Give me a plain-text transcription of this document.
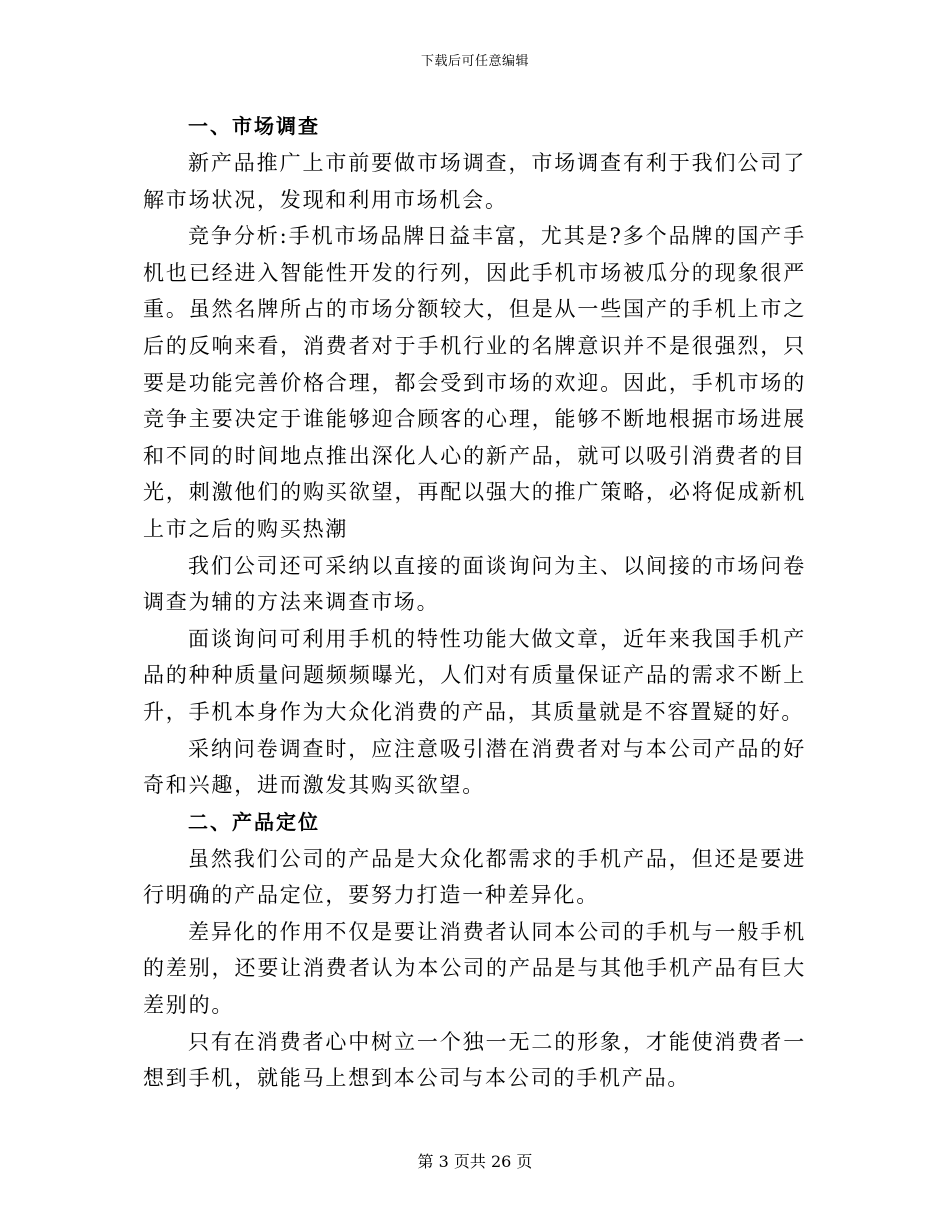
下载后可任意编辑
一、市场调查

新产品推广上市前要做市场调查，市场调查有利于我们公司了解市场状况，发现和利用市场机会。

竞争分析:手机市场品牌日益丰富，尤其是?多个品牌的国产手机也已经进入智能性开发的行列，因此手机市场被瓜分的现象很严重。虽然名牌所占的市场分额较大，但是从一些国产的手机上市之后的反响来看，消费者对于手机行业的名牌意识并不是很强烈，只要是功能完善价格合理，都会受到市场的欢迎。因此，手机市场的竞争主要决定于谁能够迎合顾客的心理，能够不断地根据市场进展和不同的时间地点推出深化人心的新产品，就可以吸引消费者的目光，刺激他们的购买欲望，再配以强大的推广策略，必将促成新机上市之后的购买热潮

我们公司还可采纳以直接的面谈询问为主、以间接的市场问卷调查为辅的方法来调查市场。

面谈询问可利用手机的特性功能大做文章，近年来我国手机产品的种种质量问题频频曝光，人们对有质量保证产品的需求不断上升，手机本身作为大众化消费的产品，其质量就是不容置疑的好。

采纳问卷调查时，应注意吸引潜在消费者对与本公司产品的好奇和兴趣，进而激发其购买欲望。

二、产品定位

虽然我们公司的产品是大众化都需求的手机产品，但还是要进行明确的产品定位，要努力打造一种差异化。

差异化的作用不仅是要让消费者认同本公司的手机与一般手机的差别，还要让消费者认为本公司的产品是与其他手机产品有巨大差别的。

只有在消费者心中树立一个独一无二的形象，才能使消费者一想到手机，就能马上想到本公司与本公司的手机产品。

第 3 页共 26 页
